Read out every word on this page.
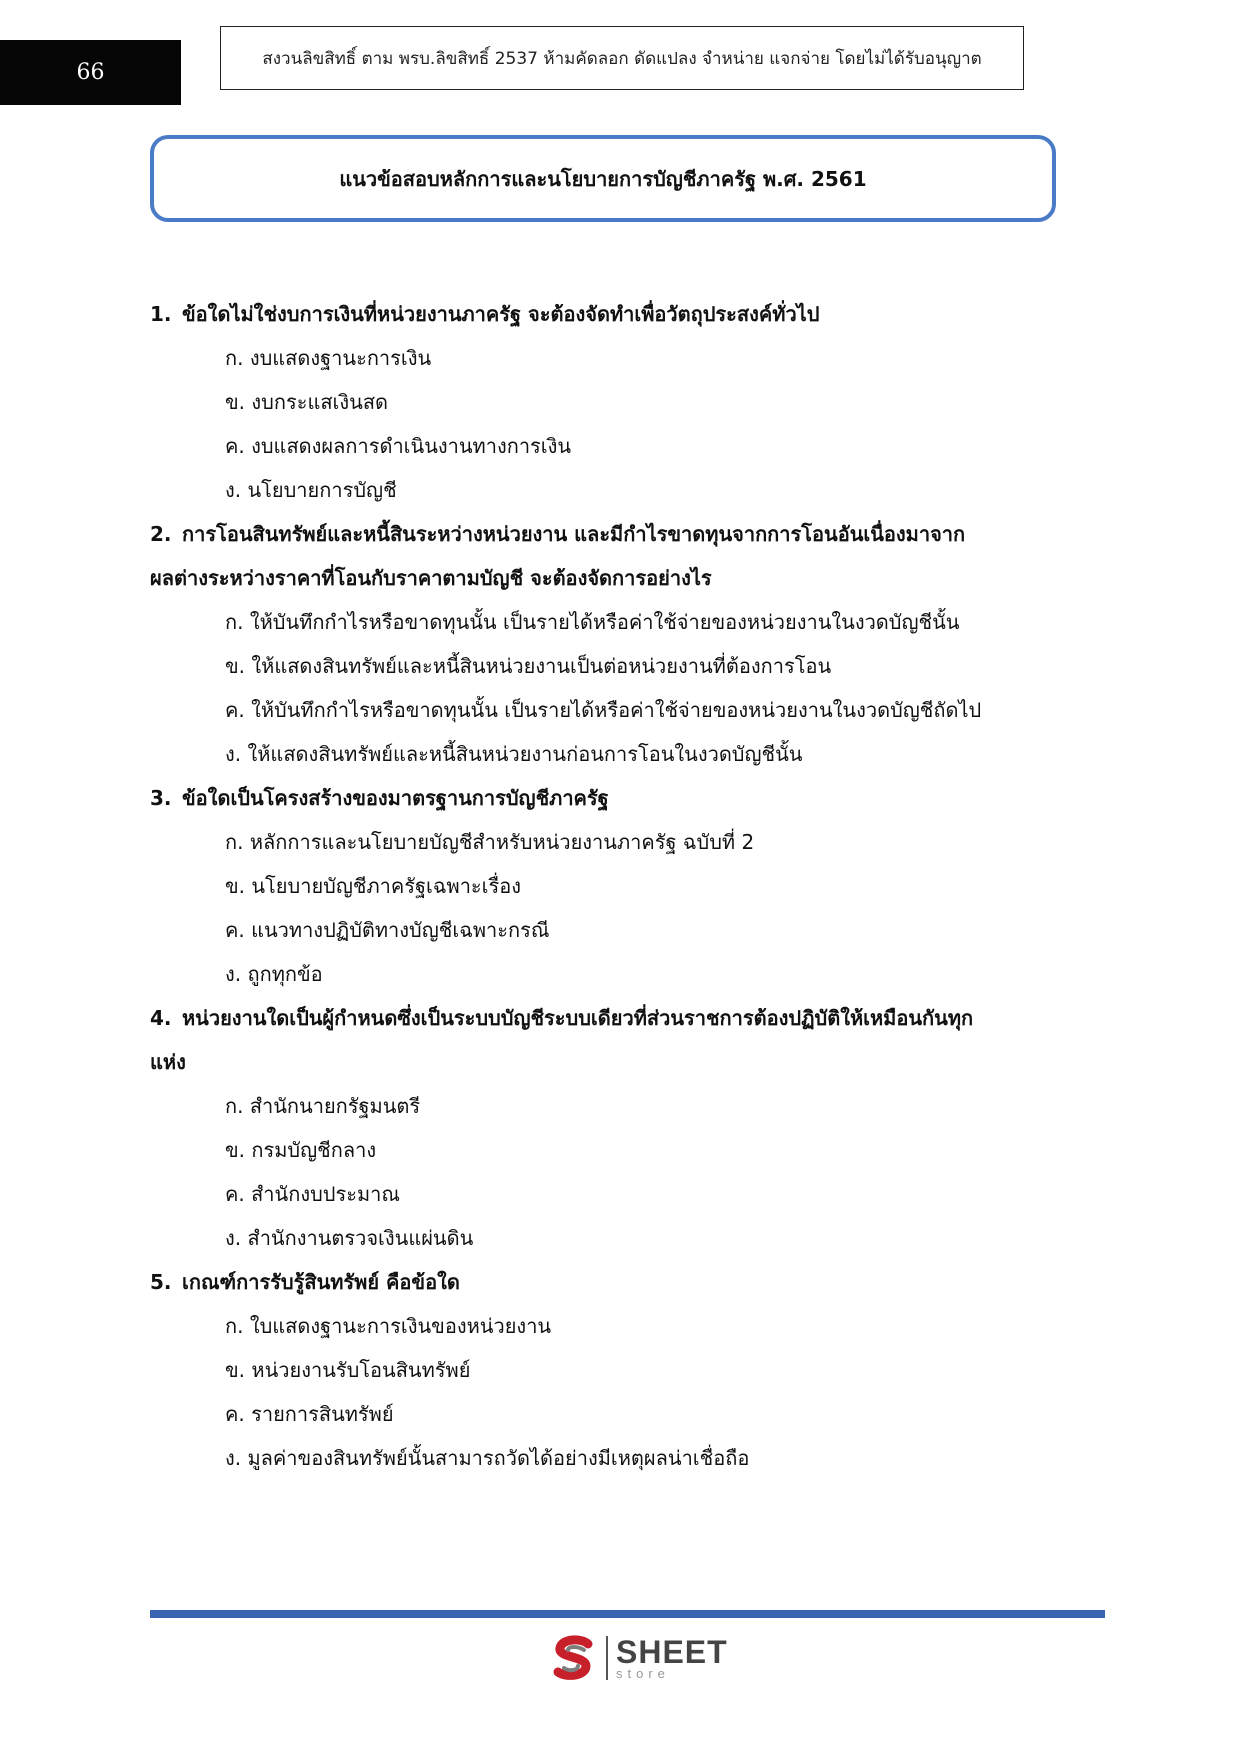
66
สงวนลิขสิทธิ์ ตาม พรบ.ลิขสิทธิ์ 2537 ห้ามคัดลอก ดัดแปลง จำหน่าย แจกจ่าย โดยไม่ได้รับอนุญาต
แนวข้อสอบหลักการและนโยบายการบัญชีภาครัฐ พ.ศ. 2561

1. ข้อใดไม่ใช่งบการเงินที่หน่วยงานภาครัฐ จะต้องจัดทำเพื่อวัตถุประสงค์ทั่วไป

ก. งบแสดงฐานะการเงิน

ข. งบกระแสเงินสด

ค. งบแสดงผลการดำเนินงานทางการเงิน

ง. นโยบายการบัญชี

2. การโอนสินทรัพย์และหนี้สินระหว่างหน่วยงาน และมีกำไรขาดทุนจากการโอนอันเนื่องมาจาก

ผลต่างระหว่างราคาที่โอนกับราคาตามบัญชี จะต้องจัดการอย่างไร

ก. ให้บันทึกกำไรหรือขาดทุนนั้น เป็นรายได้หรือค่าใช้จ่ายของหน่วยงานในงวดบัญชีนั้น

ข. ให้แสดงสินทรัพย์และหนี้สินหน่วยงานเป็นต่อหน่วยงานที่ต้องการโอน

ค. ให้บันทึกกำไรหรือขาดทุนนั้น เป็นรายได้หรือค่าใช้จ่ายของหน่วยงานในงวดบัญชีถัดไป

ง. ให้แสดงสินทรัพย์และหนี้สินหน่วยงานก่อนการโอนในงวดบัญชีนั้น

3. ข้อใดเป็นโครงสร้างของมาตรฐานการบัญชีภาครัฐ

ก. หลักการและนโยบายบัญชีสำหรับหน่วยงานภาครัฐ ฉบับที่ 2

ข. นโยบายบัญชีภาครัฐเฉพาะเรื่อง

ค. แนวทางปฏิบัติทางบัญชีเฉพาะกรณี

ง. ถูกทุกข้อ

4. หน่วยงานใดเป็นผู้กำหนดซึ่งเป็นระบบบัญชีระบบเดียวที่ส่วนราชการต้องปฏิบัติให้เหมือนกันทุก

แห่ง

ก. สำนักนายกรัฐมนตรี

ข. กรมบัญชีกลาง

ค. สำนักงบประมาณ

ง. สำนักงานตรวจเงินแผ่นดิน

5. เกณฑ์การรับรู้สินทรัพย์ คือข้อใด

ก. ใบแสดงฐานะการเงินของหน่วยงาน

ข. หน่วยงานรับโอนสินทรัพย์

ค. รายการสินทรัพย์

ง. มูลค่าของสินทรัพย์นั้นสามารถวัดได้อย่างมีเหตุผลน่าเชื่อถือ

SHEET
store
